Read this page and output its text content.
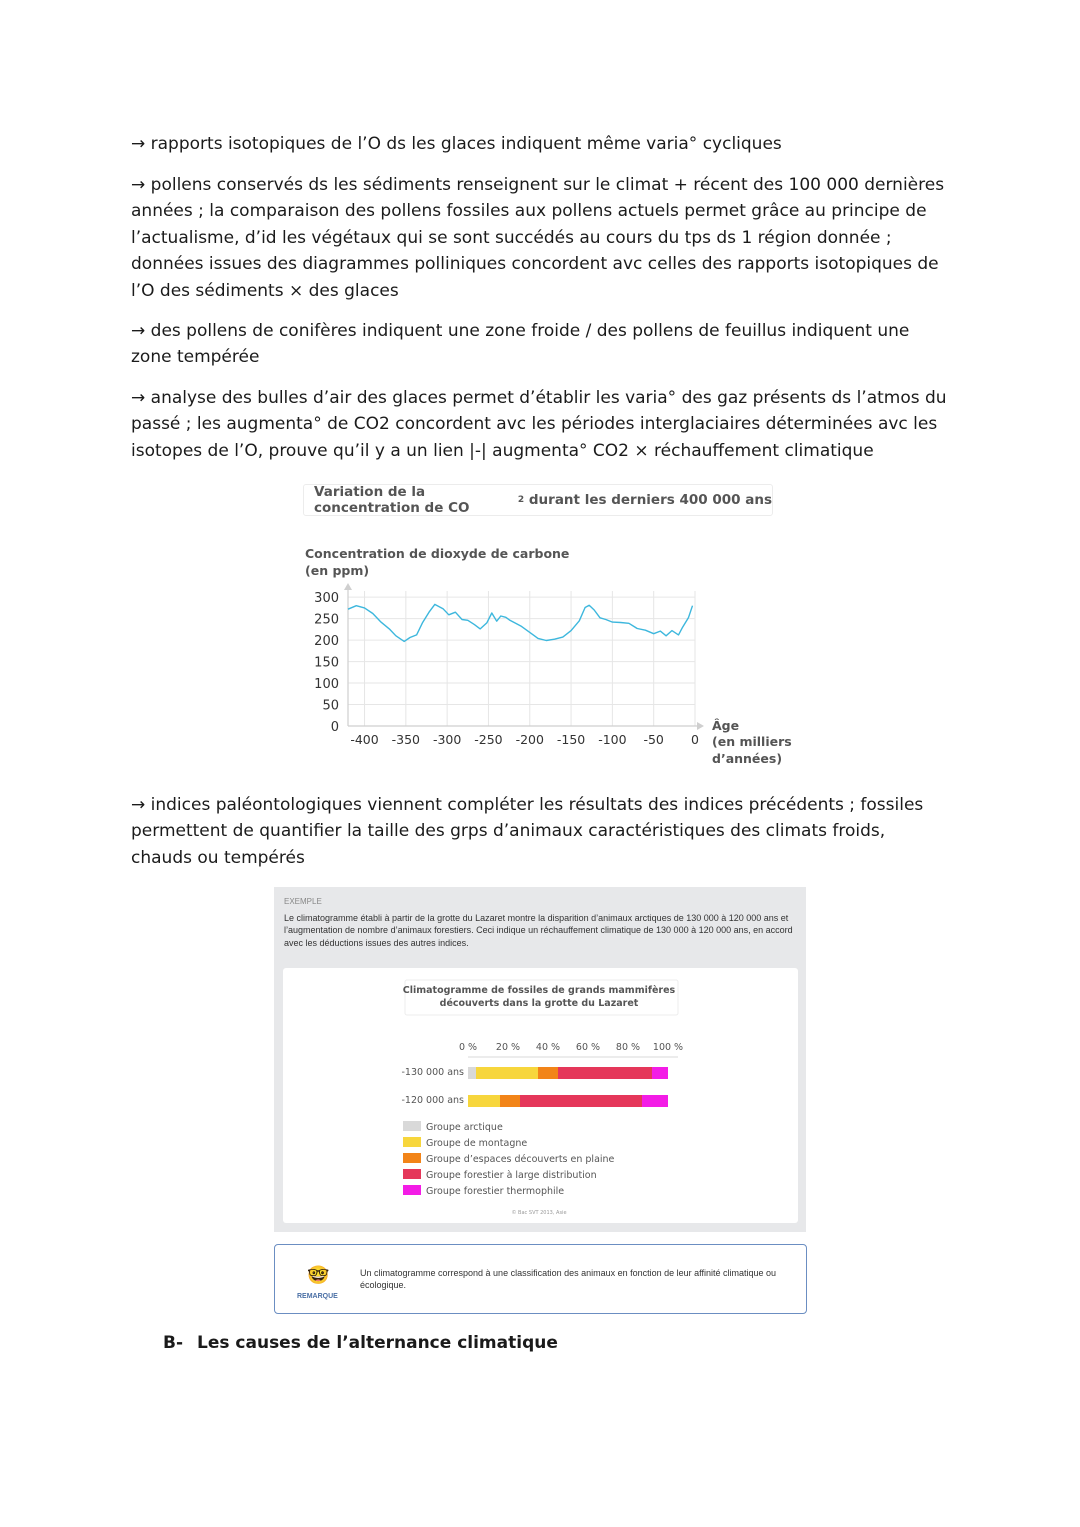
→ rapports isotopiques de l’O ds les glaces indiquent même varia° cycliques

→ pollens conservés ds les sédiments renseignent sur le climat + récent des 100 000 dernières années ; la comparaison des pollens fossiles aux pollens actuels permet grâce au principe de l’actualisme, d’id les végétaux qui se sont succédés au cours du tps ds 1 région donnée ; données issues des diagrammes polliniques concordent avc celles des rapports isotopiques de l’O des sédiments × des glaces

→ des pollens de conifères indiquent une zone froide / des pollens de feuillus indiquent une zone tempérée

→ analyse des bulles d’air des glaces permet d’établir les varia° des gaz présents ds l’atmos du passé ; les augmenta° de CO2 concordent avc les périodes interglaciaires déterminées avc les isotopes de l’O, prouve qu’il y a un lien |-| augmenta° CO2 × réchauffement climatique

Variation de la concentration de CO	2 durant les derniers 400 000 ans
Concentration de dioxyde de carbone
(en ppm)
-400 -350 -300 -250 -200 -150 -100 -50 0
300
250
200
150
100
50
0	Âge
(en milliers
d’années)

→ indices paléontologiques viennent compléter les résultats des indices précédents ; fossiles permettent de quantifier la taille des grps d’animaux caractéristiques des climats froids, chauds ou tempérés

EXEMPLE
Le climatogramme établi à partir de la grotte du Lazaret montre la disparition d’animaux arctiques de 130 000 à 120 000 ans et l’augmentation de nombre d’animaux forestiers. Ceci indique un réchauffement climatique de 130 000 à 120 000 ans, en accord avec les déductions issues des autres indices.
Climatogramme de fossiles de grands mammifères
découverts dans la grotte du Lazaret
0 % 20 % 40 % 60 % 80 % 100 %
-130 000 ans
-120 000 ans
Groupe arctique
Groupe de montagne
Groupe d’espaces découverts en plaine
Groupe forestier à large distribution
Groupe forestier thermophile
© Bac SVT 2013, Asie
🤓
REMARQUE
Un climatogramme correspond à une classification des animaux en fonction de leur affinité climatique ou écologique.
B- Les causes de l’alternance climatique
